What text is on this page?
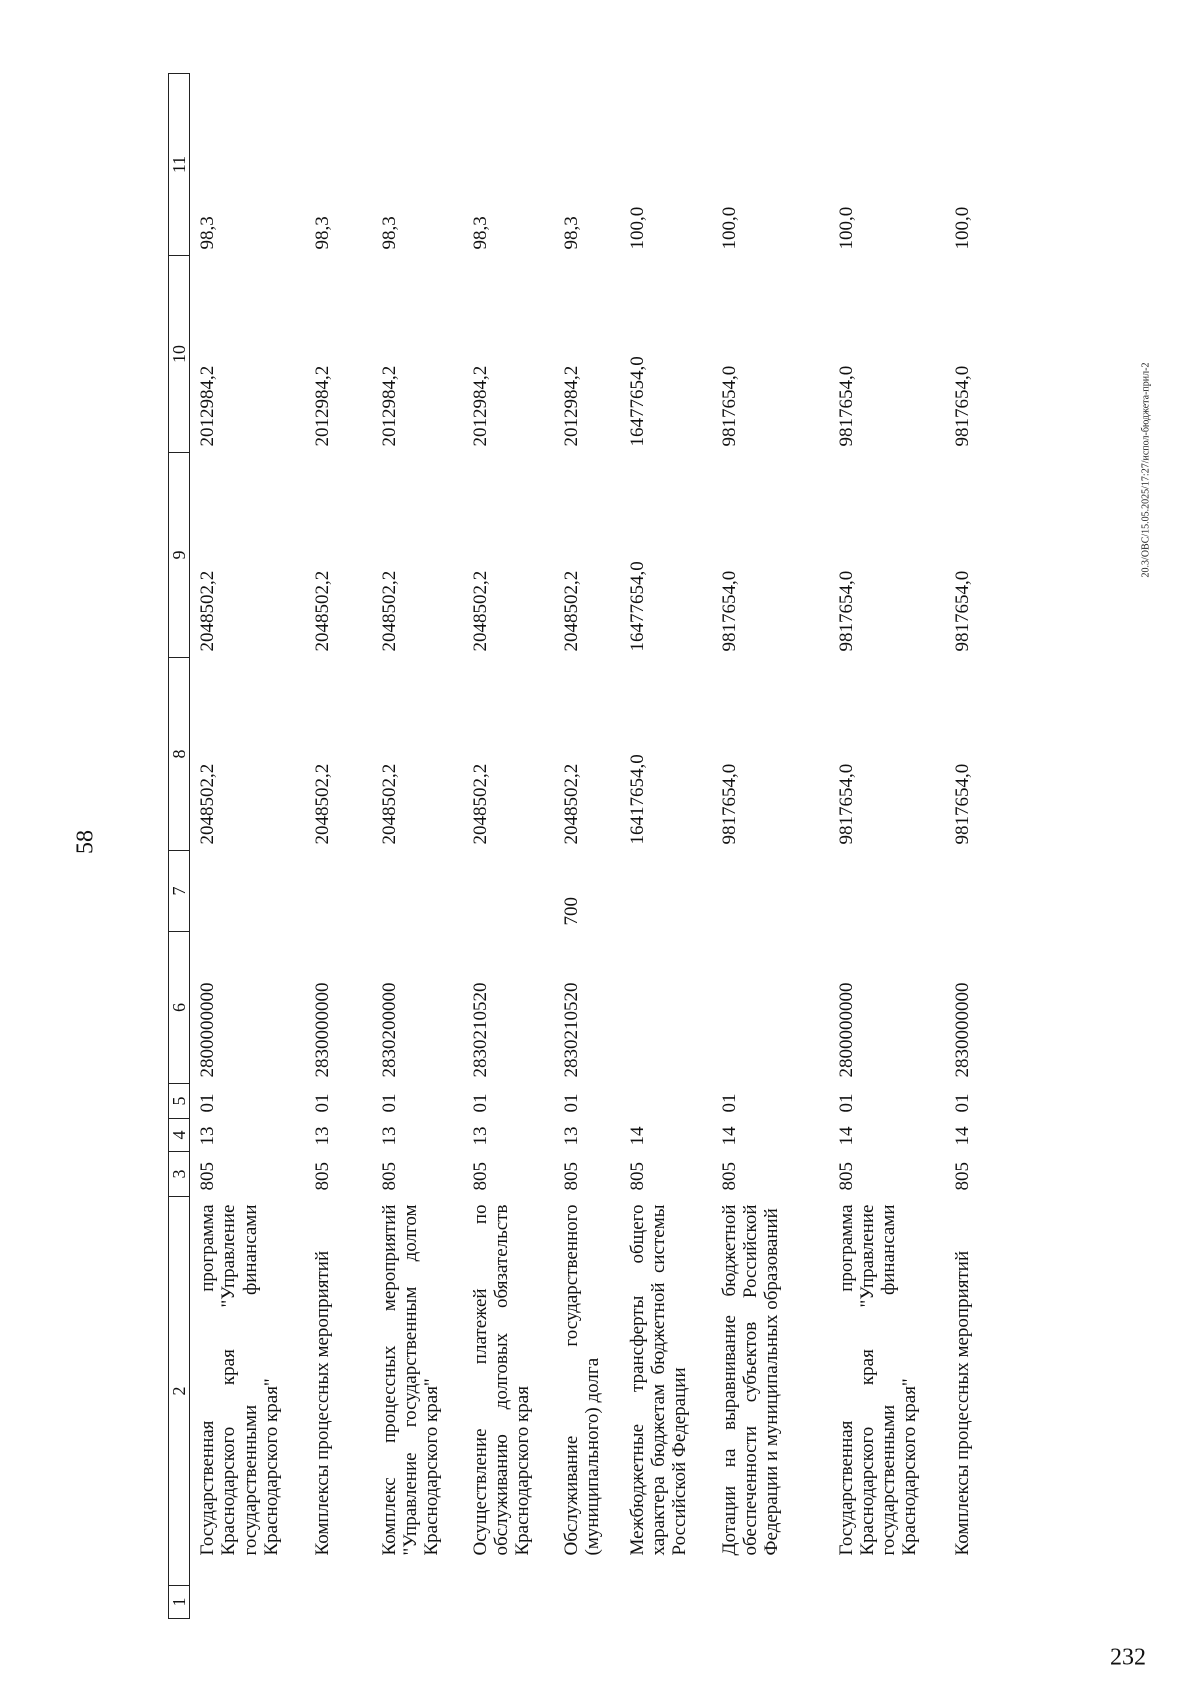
58
20.3/ОВС/15.05.2025/17:27/испол-бюджета-прил-2
232
1	2	3	4	5	6	7	8	9	10	11
	Государственная программа Краснодарского края "Управление государственными финансами Краснодарского края"	805	13	01	2800000000		2048502,2	2048502,2	2012984,2	98,3
	Комплексы процессных мероприятий	805	13	01	2830000000		2048502,2	2048502,2	2012984,2	98,3
	Комплекс процессных мероприятий "Управление государственным долгом Краснодарского края"	805	13	01	2830200000		2048502,2	2048502,2	2012984,2	98,3
	Осуществление платежей по обслуживанию долговых обязательств Краснодарского края	805	13	01	2830210520		2048502,2	2048502,2	2012984,2	98,3
	Обслуживание государственного (муниципального) долга	805	13	01	2830210520	700	2048502,2	2048502,2	2012984,2	98,3
	Межбюджетные трансферты общего характера бюджетам бюджетной системы Российской Федерации	805	14				16417654,0	16477654,0	16477654,0	100,0
	Дотации на выравнивание бюджетной обеспеченности субъектов Российской Федерации и муниципальных образований	805	14	01			9817654,0	9817654,0	9817654,0	100,0
	Государственная программа Краснодарского края "Управление государственными финансами Краснодарского края"	805	14	01	2800000000		9817654,0	9817654,0	9817654,0	100,0
	Комплексы процессных мероприятий	805	14	01	2830000000		9817654,0	9817654,0	9817654,0	100,0
